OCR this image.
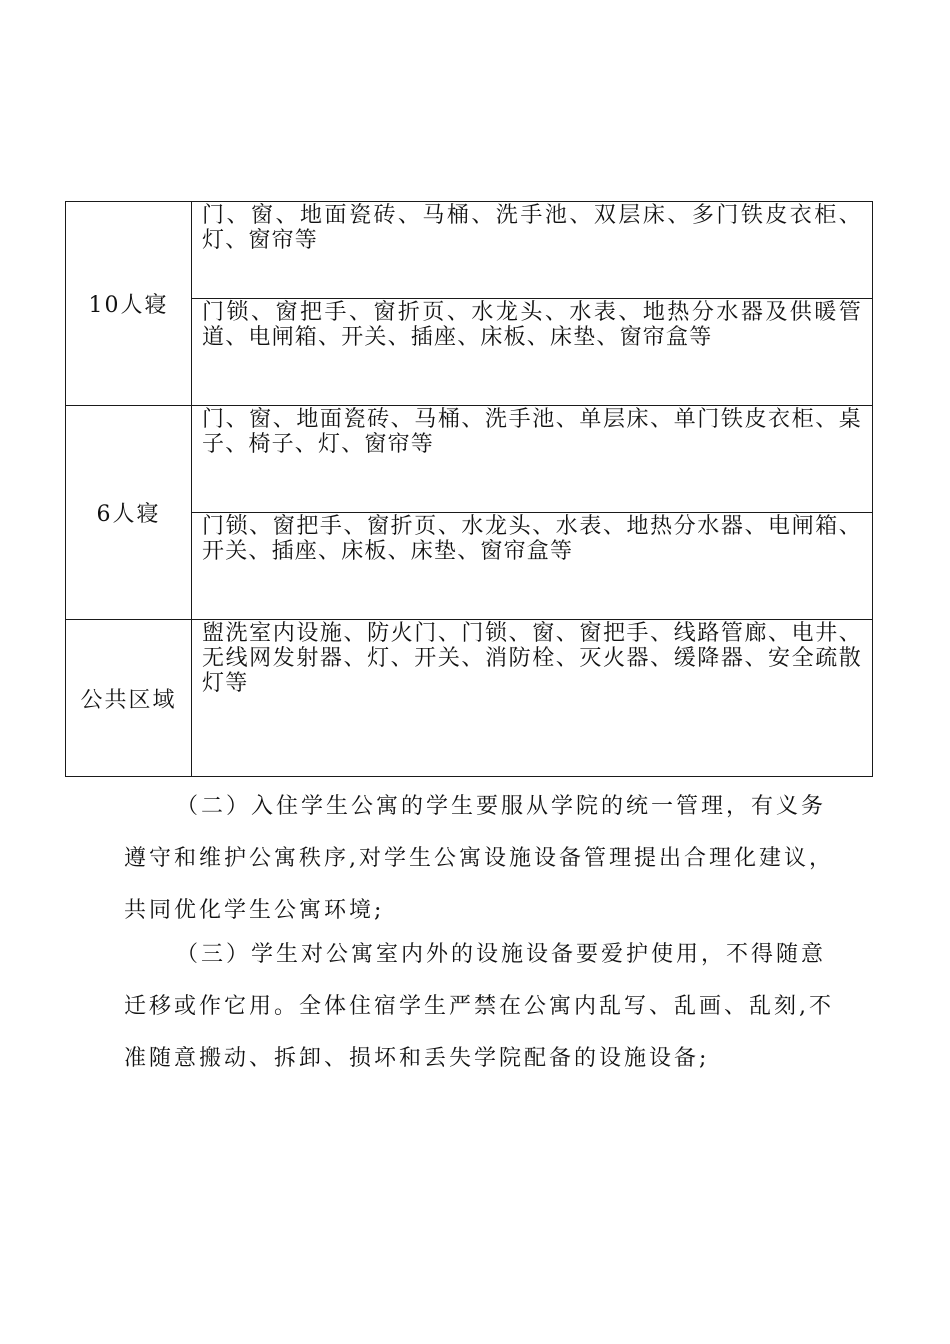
10人寝	门、窗、地面瓷砖、马桶、洗手池、双层床、多门铁皮衣柜、灯、窗帘等

	门锁、窗把手、窗折页、水龙头、水表、地热分水器及供暖管道、电闸箱、开关、插座、床板、床垫、窗帘盒等

6人寝	门、窗、地面瓷砖、马桶、洗手池、单层床、单门铁皮衣柜、桌子、椅子、灯、窗帘等

	门锁、窗把手、窗折页、水龙头、水表、地热分水器、电闸箱、开关、插座、床板、床垫、窗帘盒等

公共区域	盥洗室内设施、防火门、门锁、窗、窗把手、线路管廊、电井、无线网发射器、灯、开关、消防栓、灭火器、缓降器、安全疏散灯等

（二）入住学生公寓的学生要服从学院的统一管理，有义务遵守和维护公寓秩序,对学生公寓设施设备管理提出合理化建议，共同优化学生公寓环境;

（三）学生对公寓室内外的设施设备要爱护使用，不得随意迁移或作它用。全体住宿学生严禁在公寓内乱写、乱画、乱刻,不准随意搬动、拆卸、损坏和丢失学院配备的设施设备;
